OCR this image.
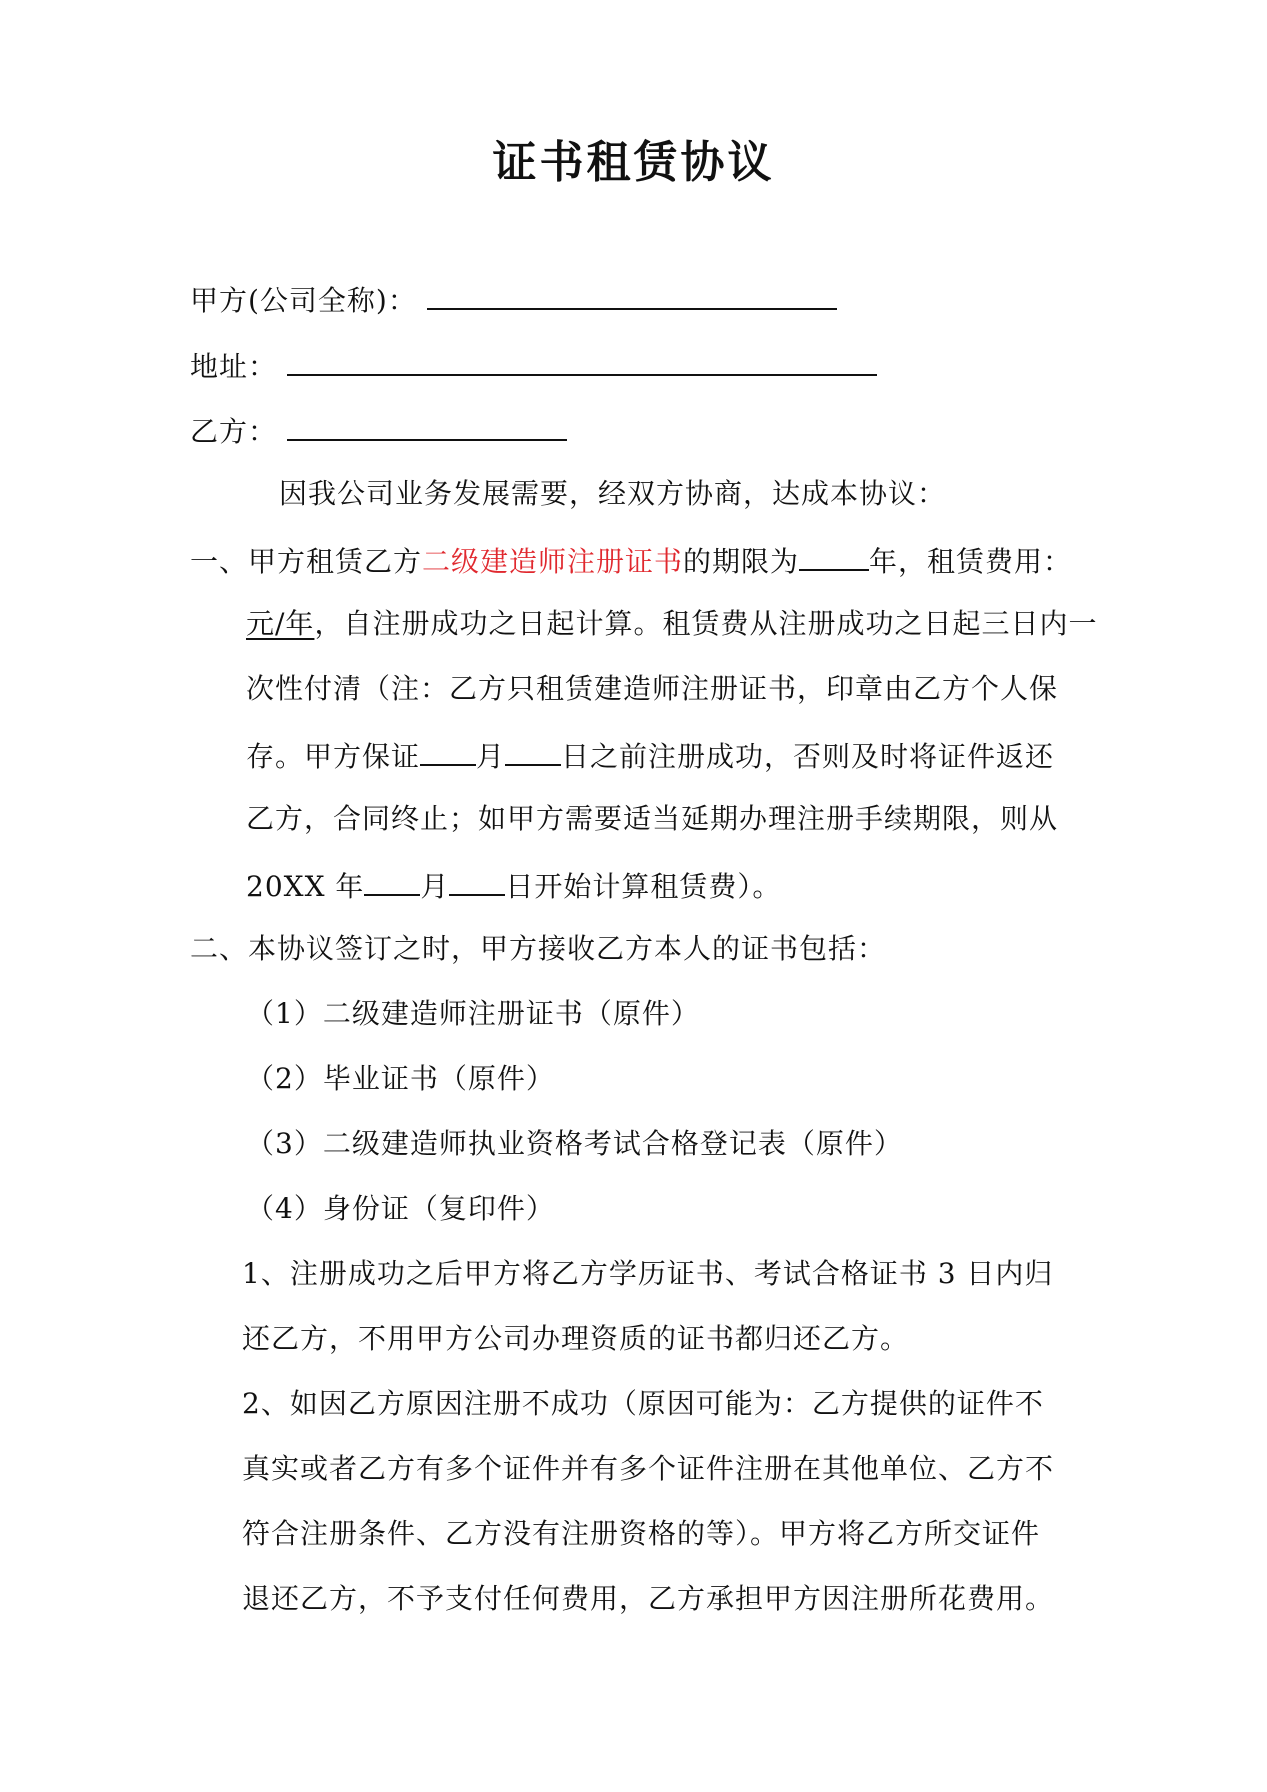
证书租赁协议
甲方(公司全称)：
地址：
乙方：
因我公司业务发展需要，经双方协商，达成本协议：
一、甲方租赁乙方二级建造师注册证书的期限为	年，租赁费用：
元/年，自注册成功之日起计算。租赁费从注册成功之日起三日内一
次性付清（注：乙方只租赁建造师注册证书，印章由乙方个人保
存。甲方保证 月 日之前注册成功，否则及时将证件返还
乙方，合同终止；如甲方需要适当延期办理注册手续期限，则从
20XX 年 月 日开始计算租赁费）。
二、本协议签订之时，甲方接收乙方本人的证书包括：
（1）二级建造师注册证书（原件）
（2）毕业证书（原件）
（3）二级建造师执业资格考试合格登记表（原件）
（4）身份证（复印件）
1、注册成功之后甲方将乙方学历证书、考试合格证书 3 日内归
还乙方，不用甲方公司办理资质的证书都归还乙方。
2、如因乙方原因注册不成功（原因可能为：乙方提供的证件不
真实或者乙方有多个证件并有多个证件注册在其他单位、乙方不
符合注册条件、乙方没有注册资格的等）。甲方将乙方所交证件
退还乙方，不予支付任何费用，乙方承担甲方因注册所花费用。
